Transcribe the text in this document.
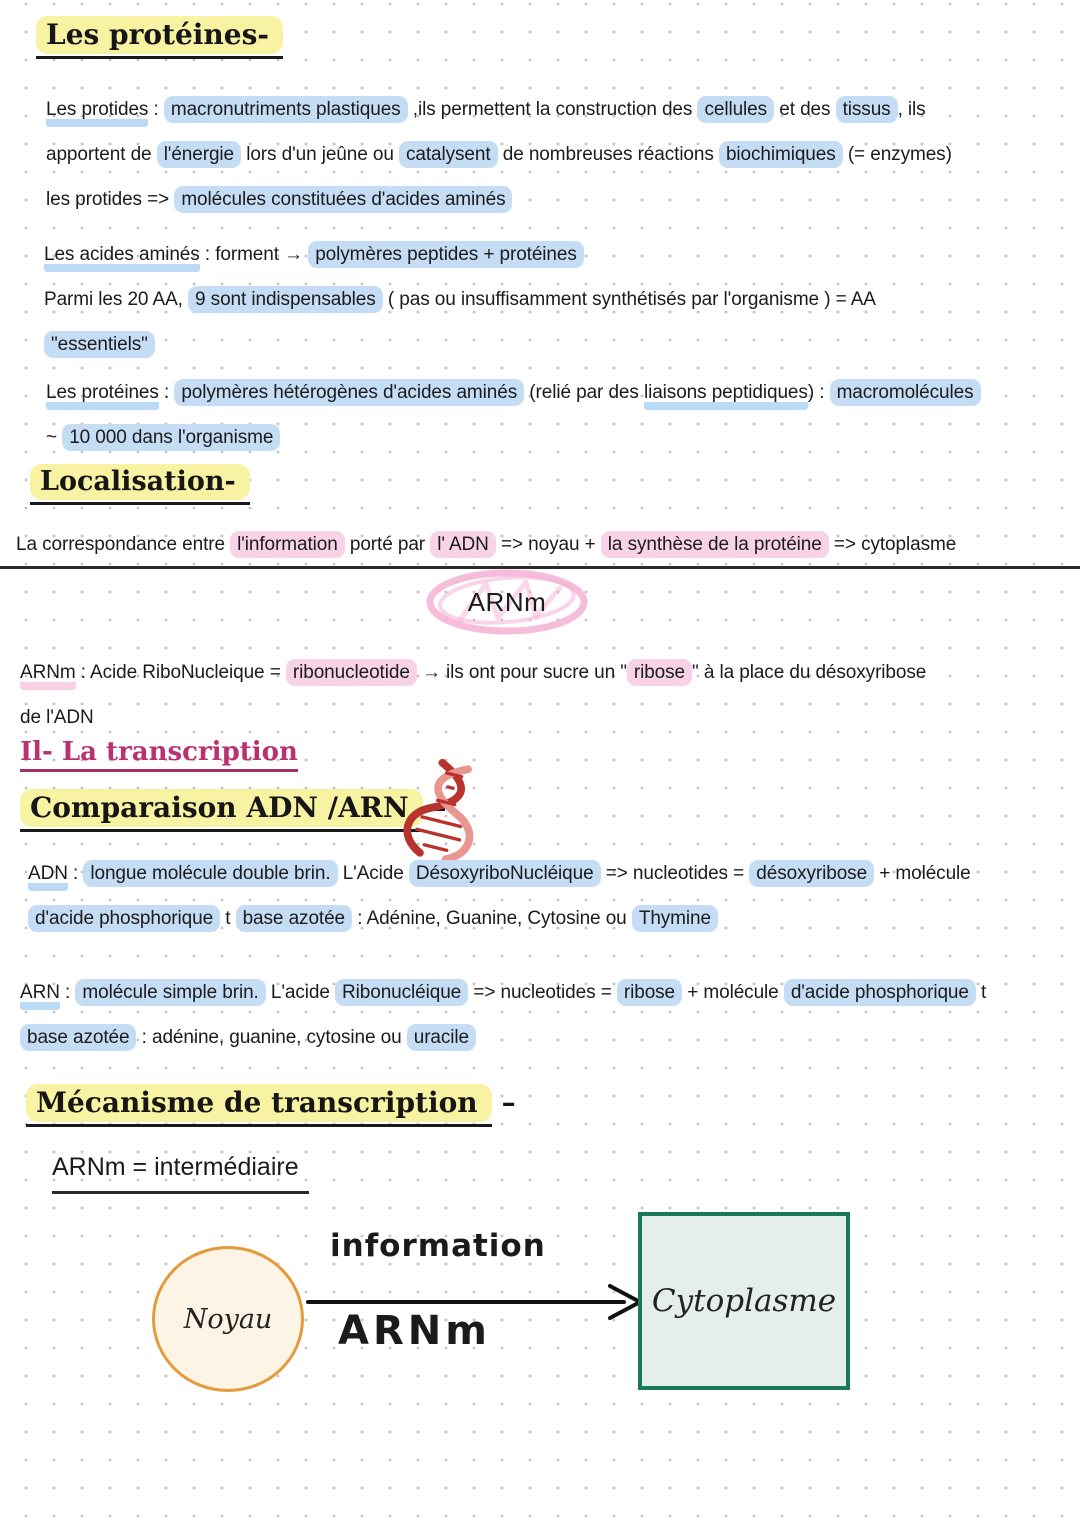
Les protéines-
Les protides : macronutriments plastiques ,ils permettent la construction des cellules et des tissus , ils
apportent de l'énergie lors d'un jeûne ou catalysent de nombreuses réactions biochimiques (= enzymes)
les protides => molécules constituées d'acides aminés
Les acides aminés : forment → polymères peptides + protéines
Parmi les 20 AA, 9 sont indispensables ( pas ou insuffisamment synthétisés par l'organisme ) = AA
"essentiels"
Les protéines : polymères hétérogènes d'acides aminés (relié par des liaisons peptidiques) : macromolécules
~ 10 000 dans l'organisme
Localisation-
La correspondance entre l'information porté par l' ADN => noyau + la synthèse de la protéine => cytoplasme
ARNm
ARNm : Acide RiboNucleique = ribonucleotide → ils ont pour sucre un " ribose " à la place du désoxyribose
de l'ADN
Il- La transcription
Comparaison ADN /ARN –
ADN : longue molécule double brin. L'Acide DésoxyriboNucléique => nucleotides = désoxyribose + molécule
d'acide phosphorique t base azotée : Adénine, Guanine, Cytosine ou Thymine
ARN : molécule simple brin. L'acide Ribonucléique => nucleotides = ribose + molécule d'acide phosphorique t
base azotée : adénine, guanine, cytosine ou uracile
Mécanisme de transcription –
ARNm = intermédiaire
Noyau
information
ARNm
Cytoplasme
